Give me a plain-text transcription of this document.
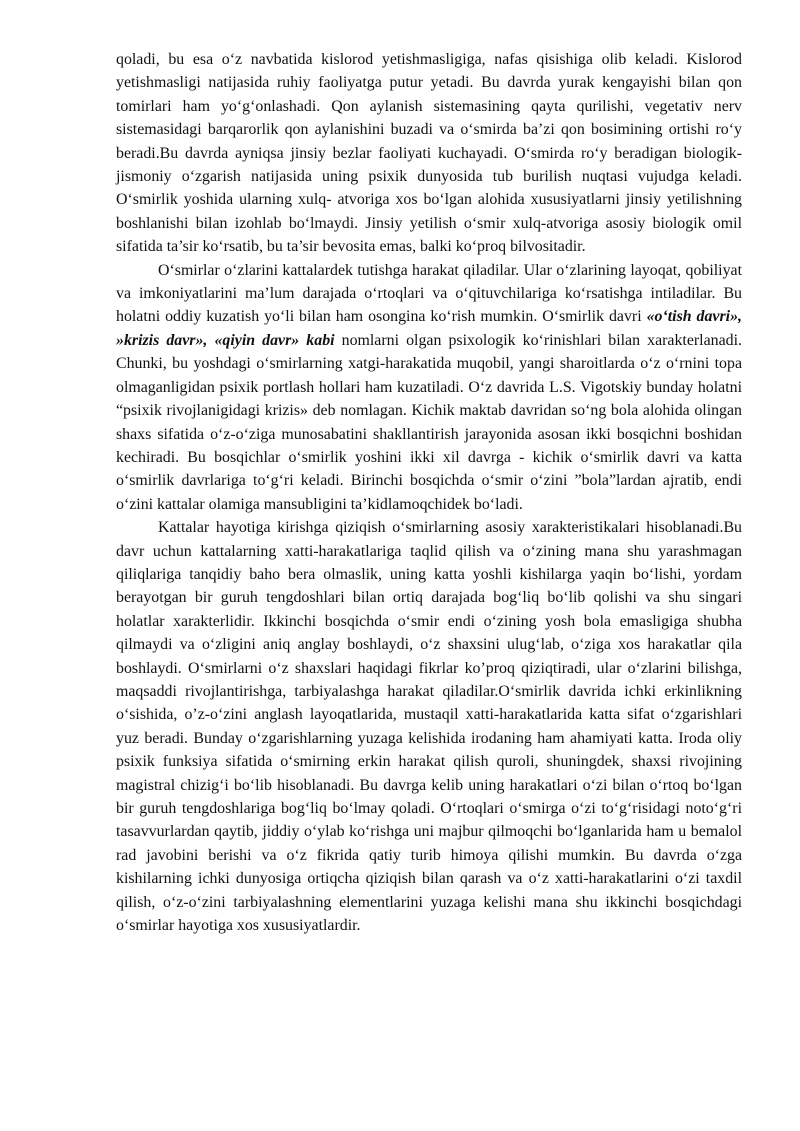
qoladi, bu esa o‘z navbatida kislorod yetishmasligiga, nafas qisishiga olib keladi. Kislorod yetishmasligi natijasida ruhiy faoliyatga putur yetadi. Bu davrda yurak kengayishi bilan qon tomirlari ham yo‘g‘onlashadi. Qon aylanish sistemasining qayta qurilishi, vegetativ nerv sistemasidagi barqarorlik qon aylanishini buzadi va o‘smirda ba’zi qon bosimining ortishi ro‘y beradi.Bu davrda ayniqsa jinsiy bezlar faoliyati kuchayadi. O‘smirda ro‘y beradigan biologik-jismoniy o‘zgarish natijasida uning psixik dunyosida tub burilish nuqtasi vujudga keladi. O‘smirlik yoshida ularning xulq- atvoriga xos bo‘lgan alohida xususiyatlarni jinsiy yetilishning boshlanishi bilan izohlab bo‘lmaydi. Jinsiy yetilish o‘smir xulq-atvoriga asosiy biologik omil sifatida ta’sir ko‘rsatib, bu ta’sir bevosita emas, balki ko‘proq bilvositadir.

O‘smirlar o‘zlarini kattalardek tutishga harakat qiladilar. Ular o‘zlarining layoqat, qobiliyat va imkoniyatlarini ma’lum darajada o‘rtoqlari va o‘qituvchilariga ko‘rsatishga intiladilar. Bu holatni oddiy kuzatish yo‘li bilan ham osongina ko‘rish mumkin. O‘smirlik davri «o‘tish davri», »krizis davr», «qiyin davr» kabi nomlarni olgan psixologik ko‘rinishlari bilan xarakterlanadi. Chunki, bu yoshdagi o‘smirlarning xatgi-harakatida muqobil, yangi sharoitlarda o‘z o‘rnini topa olmaganligidan psixik portlash hollari ham kuzatiladi. O‘z davrida L.S. Vigotskiy bunday holatni “psixik rivojlanigidagi krizis» deb nomlagan. Kichik maktab davridan so‘ng bola alohida olingan shaxs sifatida o‘z-o‘ziga munosabatini shakllantirish jarayonida asosan ikki bosqichni boshidan kechiradi. Bu bosqichlar o‘smirlik yoshini ikki xil davrga - kichik o‘smirlik davri va katta o‘smirlik davrlariga to‘g‘ri keladi. Birinchi bosqichda o‘smir o‘zini ”bola”lardan ajratib, endi o‘zini kattalar olamiga mansubligini ta’kidlamoqchidek bo‘ladi.

Kattalar hayotiga kirishga qiziqish o‘smirlarning asosiy xarakteristikalari hisoblanadi.Bu davr uchun kattalarning xatti-harakatlariga taqlid qilish va o‘zining mana shu yarashmagan qiliqlariga tanqidiy baho bera olmaslik, uning katta yoshli kishilarga yaqin bo‘lishi, yordam berayotgan bir guruh tengdoshlari bilan ortiq darajada bog‘liq bo‘lib qolishi va shu singari holatlar xarakterlidir. Ikkinchi bosqichda o‘smir endi o‘zining yosh bola emasligiga shubha qilmaydi va o‘zligini aniq anglay boshlaydi, o‘z shaxsini ulug‘lab, o‘ziga xos harakatlar qila boshlaydi. O‘smirlarni o‘z shaxslari haqidagi fikrlar ko’proq qiziqtiradi, ular o‘zlarini bilishga, maqsaddi rivojlantirishga, tarbiyalashga harakat qiladilar.O‘smirlik davrida ichki erkinlikning o‘sishida, o’z-o‘zini anglash layoqatlarida, mustaqil xatti-harakatlarida katta sifat o‘zgarishlari yuz beradi. Bunday o‘zgarishlarning yuzaga kelishida irodaning ham ahamiyati katta. Iroda oliy psixik funksiya sifatida o‘smirning erkin harakat qilish quroli, shuningdek, shaxsi rivojining magistral chizig‘i bo‘lib hisoblanadi. Bu davrga kelib uning harakatlari o‘zi bilan o‘rtoq bo‘lgan bir guruh tengdoshlariga bog‘liq bo‘lmay qoladi. O‘rtoqlari o‘smirga o‘zi to‘g‘risidagi noto‘g‘ri tasavvurlardan qaytib, jiddiy o‘ylab ko‘rishga uni majbur qilmoqchi bo‘lganlarida ham u bemalol rad javobini berishi va o‘z fikrida qatiy turib himoya qilishi mumkin. Bu davrda o‘zga kishilarning ichki dunyosiga ortiqcha qiziqish bilan qarash va o‘z xatti-harakatlarini o‘zi taxdil qilish, o‘z-o‘zini tarbiyalashning elementlarini yuzaga kelishi mana shu ikkinchi bosqichdagi o‘smirlar hayotiga xos xususiyatlardir.
